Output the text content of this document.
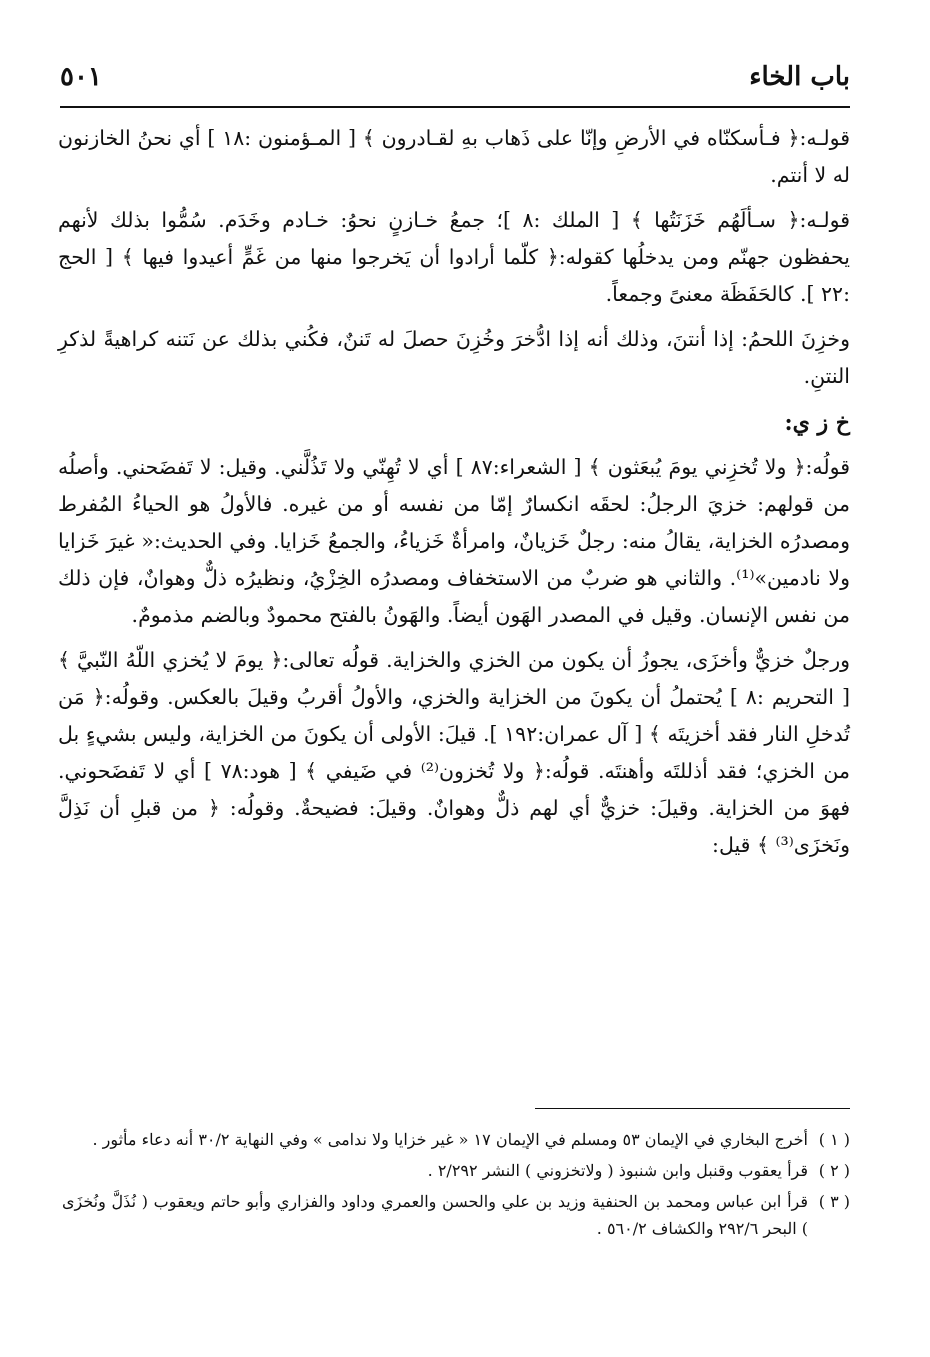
باب الخاء
٥٠١

قولـه:﴿ فـأسكنّاه في الأرضِ وإنّا على ذَهاب بهِ لقـادرون ﴾ [ المـؤمنون :١٨ ] أي نحنُ الخازنون له لا أنتم.

قولـه:﴿ سـألَهُم خَزَنَتُها ﴾ [ الملك :٨ ]؛ جمعُ خـازنٍ نحوُ: خـادم وخَدَم. سُمُّوا بذلك لأنهم يحفظون جهنّم ومن يدخلُها كقوله:﴿ كلّما أرادوا أن يَخرجوا منها من غَمٍّ أعيدوا فيها ﴾ [ الحج :٢٢ ]. كالحَفَظَة معنىً وجمعاً.

وخزِنَ اللحمُ: إذا أنتنَ، وذلك أنه إذا ادُّخرَ وخُزِنَ حصلَ له تَننٌ، فكُني بذلك عن نَتنه كراهيةً لذكرِ النتنِ.

خ ز ي:

قولُه:﴿ ولا تُخزِني يومَ يُبعَثون ﴾ [ الشعراء:٨٧ ] أي لا تُهِنّي ولا تَذُلَّني. وقيل: لا تَفضَحني. وأصلُه من قولهم: خزيَ الرجلُ: لحقَه انكسارٌ إمّا من نفسه أو من غيره. فالأولُ هو الحياءُ المُفرط ومصدرُه الخزاية، يقالُ منه: رجلٌ خَزيانٌ، وامرأةٌ خَزياءُ، والجمعُ خَزايا. وفي الحديث:« غيرَ خَزايا ولا نادمين»⁽¹⁾. والثاني هو ضربٌ من الاستخفاف ومصدرُه الخِزْيُ، ونظيرُه ذلٌّ وهوانٌ، فإن ذلك من نفس الإنسان. وقيل في المصدر الهَون أيضاً. والهَونُ بالفتح محمودٌ وبالضم مذمومٌ.

ورجلٌ خزيٌّ وأخزَى، يجوزُ أن يكون من الخزي والخزاية. قولُه تعالى:﴿ يومَ لا يُخزي اللّهُ النّبيَّ ﴾ [ التحريم :٨ ] يُحتملُ أن يكونَ من الخزاية والخزي، والأولُ أقربُ وقيلَ بالعكس. وقولُه:﴿ مَن تُدخلِ النار فقد أخزيتَه ﴾ [ آل عمران:١٩٢ ]. قيلَ: الأولى أن يكونَ من الخزاية، وليس بشيءٍ بل من الخزي؛ فقد أذللتَه وأهنتَه. قولُه:﴿ ولا تُخزون⁽²⁾ في ضَيفي ﴾ [ هود:٧٨ ] أي لا تَفضَحوني. فهوَ من الخزاية. وقيلَ: خزيٌّ أي لهم ذلٌّ وهوانٌ. وقيلَ: فضيحةٌ. وقولُه: ﴿ من قبلِ أن نَذِلَّ ونَخزَى⁽³⁾ ﴾ قيل:

( ١ )
أخرج البخاري في الإيمان ٥٣ ومسلم في الإيمان ١٧ « غير خزايا ولا ندامى » وفي النهاية ٣٠/٢ أنه دعاء مأثور .
( ٢ )
قرأ يعقوب وقنبل وابن شنبوذ ( ولاتخزوني ) النشر ٢/٢٩٢ .
( ٣ )
قرأ ابن عباس ومحمد بن الحنفية وزيد بن علي والحسن والعمري وداود والفزاري وأبو حاتم ويعقوب ( نُذَلَّ ونُخزَى ) البحر ٢٩٢/٦ والكشاف ٥٦٠/٢ .
